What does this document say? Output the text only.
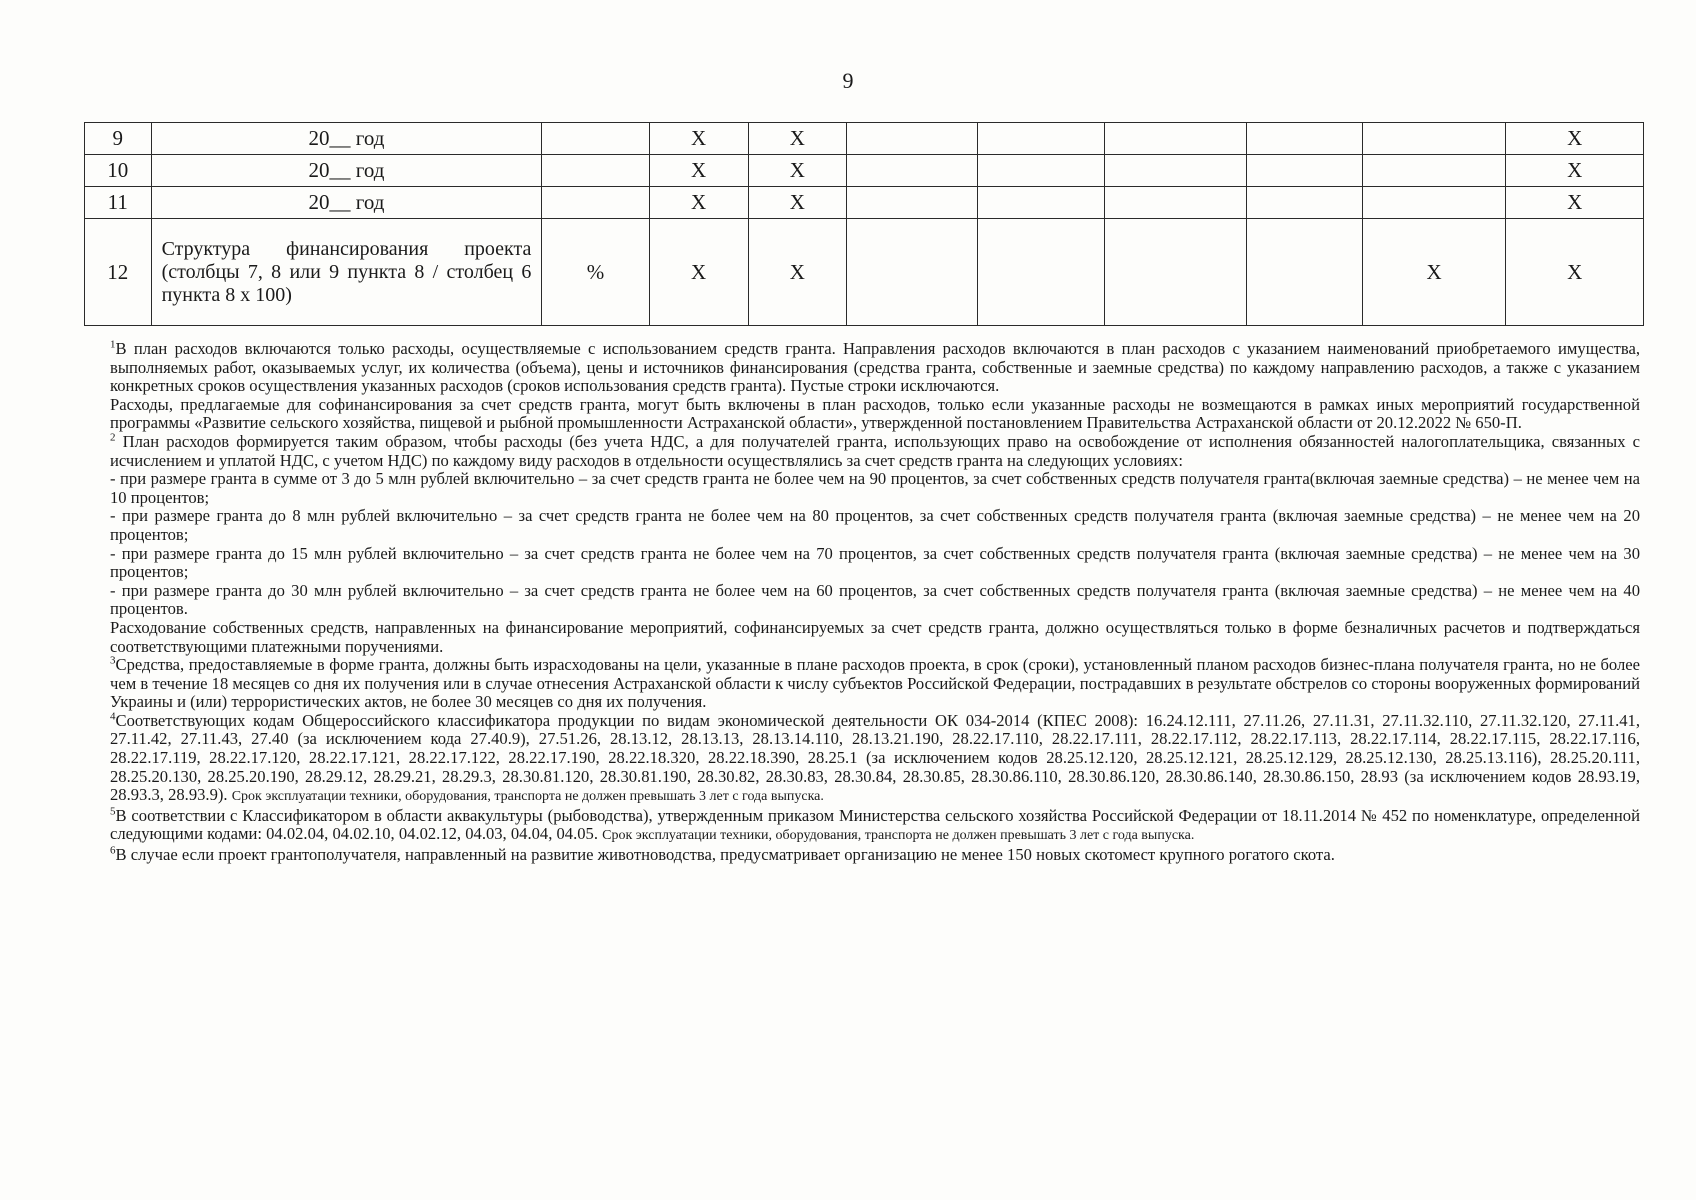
9
9	20__ год		X	X						X
10	20__ год		X	X						X
11	20__ год		X	X						X
12	Структура финансирования проекта (столбцы 7, 8 или 9 пункта 8 / столбец 6 пункта 8 х 100)	%	X	X					X	X

$^1$В план расходов включаются только расходы, осуществляемые с использованием средств гранта. Направления расходов включаются в план расходов с указанием наименований приобретаемого имущества, выполняемых работ, оказываемых услуг, их количества (объема), цены и источников финансирования (средства гранта, собственные и заемные средства) по каждому направлению расходов, а также с указанием конкретных сроков осуществления указанных расходов (сроков использования средств гранта). Пустые строки исключаются.

Расходы, предлагаемые для софинансирования за счет средств гранта, могут быть включены в план расходов, только если указанные расходы не возмещаются в рамках иных мероприятий государственной программы «Развитие сельского хозяйства, пищевой и рыбной промышленности Астраханской области», утвержденной постановлением Правительства Астраханской области от 20.12.2022 № 650-П.

$^2$ План расходов формируется таким образом, чтобы расходы (без учета НДС, а для получателей гранта, использующих право на освобождение от исполнения обязанностей налогоплательщика, связанных с исчислением и уплатой НДС, с учетом НДС) по каждому виду расходов в отдельности осуществлялись за счет средств гранта на следующих условиях:

- при размере гранта в сумме от 3 до 5 млн рублей включительно – за счет средств гранта не более чем на 90 процентов, за счет собственных средств получателя гранта(включая заемные средства) – не менее чем на 10 процентов;

- при размере гранта до 8 млн рублей включительно – за счет средств гранта не более чем на 80 процентов, за счет собственных средств получателя гранта (включая заемные средства) – не менее чем на 20 процентов;

- при размере гранта до 15 млн рублей включительно – за счет средств гранта не более чем на 70 процентов, за счет собственных средств получателя гранта (включая заемные средства) – не менее чем на 30 процентов;

- при размере гранта до 30 млн рублей включительно – за счет средств гранта не более чем на 60 процентов, за счет собственных средств получателя гранта (включая заемные средства) – не менее чем на 40 процентов.

Расходование собственных средств, направленных на финансирование мероприятий, софинансируемых за счет средств гранта, должно осуществляться только в форме безналичных расчетов и подтверждаться соответствующими платежными поручениями.

$^3$Средства, предоставляемые в форме гранта, должны быть израсходованы на цели, указанные в плане расходов проекта, в срок (сроки), установленный планом расходов бизнес-плана получателя гранта, но не более чем в течение 18 месяцев со дня их получения или в случае отнесения Астраханской области к числу субъектов Российской Федерации, пострадавших в результате обстрелов со стороны вооруженных формирований Украины и (или) террористических актов, не более 30 месяцев со дня их получения.

$^4$Соответствующих кодам Общероссийского классификатора продукции по видам экономической деятельности ОК 034-2014 (КПЕС 2008): 16.24.12.111, 27.11.26, 27.11.31, 27.11.32.110, 27.11.32.120, 27.11.41, 27.11.42, 27.11.43, 27.40 (за исключением кода 27.40.9), 27.51.26, 28.13.12, 28.13.13, 28.13.14.110, 28.13.21.190, 28.22.17.110, 28.22.17.111, 28.22.17.112, 28.22.17.113, 28.22.17.114, 28.22.17.115, 28.22.17.116, 28.22.17.119, 28.22.17.120, 28.22.17.121, 28.22.17.122, 28.22.17.190, 28.22.18.320, 28.22.18.390, 28.25.1 (за исключением кодов 28.25.12.120, 28.25.12.121, 28.25.12.129, 28.25.12.130, 28.25.13.116), 28.25.20.111, 28.25.20.130, 28.25.20.190, 28.29.12, 28.29.21, 28.29.3, 28.30.81.120, 28.30.81.190, 28.30.82, 28.30.83, 28.30.84, 28.30.85, 28.30.86.110, 28.30.86.120, 28.30.86.140, 28.30.86.150, 28.93 (за исключением кодов 28.93.19, 28.93.3, 28.93.9). Срок эксплуатации техники, оборудования, транспорта не должен превышать 3 лет с года выпуска.

$^5$В соответствии с Классификатором в области аквакультуры (рыбоводства), утвержденным приказом Министерства сельского хозяйства Российской Федерации от 18.11.2014 № 452 по номенклатуре, определенной следующими кодами: 04.02.04, 04.02.10, 04.02.12, 04.03, 04.04, 04.05. Срок эксплуатации техники, оборудования, транспорта не должен превышать 3 лет с года выпуска.

$^6$В случае если проект грантополучателя, направленный на развитие животноводства, предусматривает организацию не менее 150 новых скотомест крупного рогатого скота.
